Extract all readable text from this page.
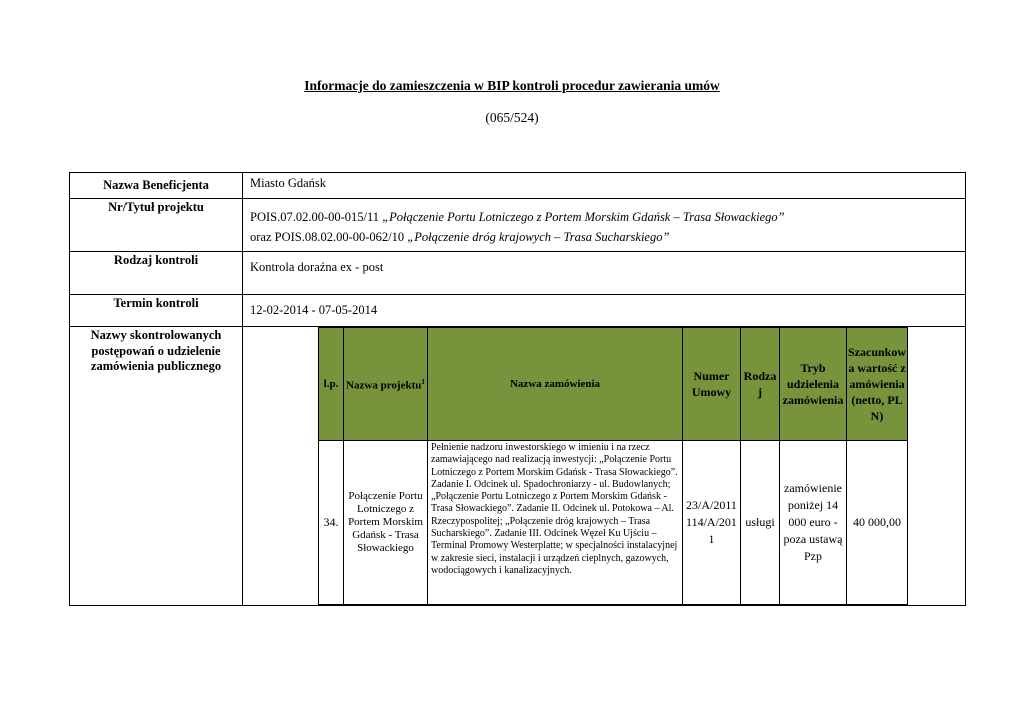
Informacje do zamieszczenia w BIP kontroli procedur zawierania umów
(065/524)
Nazwa Beneficjenta	Miasto Gdańsk
Nr/Tytuł projektu	
POIS.07.02.00-00-015/11 „Połączenie Portu Lotniczego z Portem Morskim Gdańsk – Trasa Słowackiego”
oraz POIS.08.02.00-00-062/10 „Połączenie dróg krajowych – Trasa Sucharskiego”

Rodzaj kontroli	Kontrola doraźna ex - post
Termin kontroli	12-02-2014 - 07-05-2014
Nazwy skontrolowanych postępowań o udzielenie zamówienia publicznego	
l.p.	Nazwa projektu$^1$	Nazwa zamówienia	Numer Umowy	Rodzaj	Tryb udzielenia zamówienia	Szacunkowa wartość zamówienia (netto, PLN)
34.	Połączenie Portu Lotniczego z Portem Morskim Gdańsk - Trasa Słowackiego	Pełnienie nadzoru inwestorskiego w imieniu i na rzecz zamawiającego nad realizacją inwestycji: „Połączenie Portu Lotniczego z Portem Morskim Gdańsk - Trasa Słowackiego”. Zadanie I. Odcinek ul. Spadochroniarzy - ul. Budowlanych; „Połączenie Portu Lotniczego z Portem Morskim Gdańsk - Trasa Słowackiego”. Zadanie II. Odcinek ul. Potokowa – Al. Rzeczypospolitej; „Połączenie dróg krajowych – Trasa Sucharskiego”. Zadanie III. Odcinek Węzeł Ku Ujściu – Terminal Promowy Westerplatte; w specjalności instalacyjnej w zakresie sieci, instalacji i urządzeń cieplnych, gazowych, wodociągowych i kanalizacyjnych.	23/A/2011 114/A/2011	usługi	zamówienie poniżej 14 000 euro - poza ustawą Pzp	40 000,00
